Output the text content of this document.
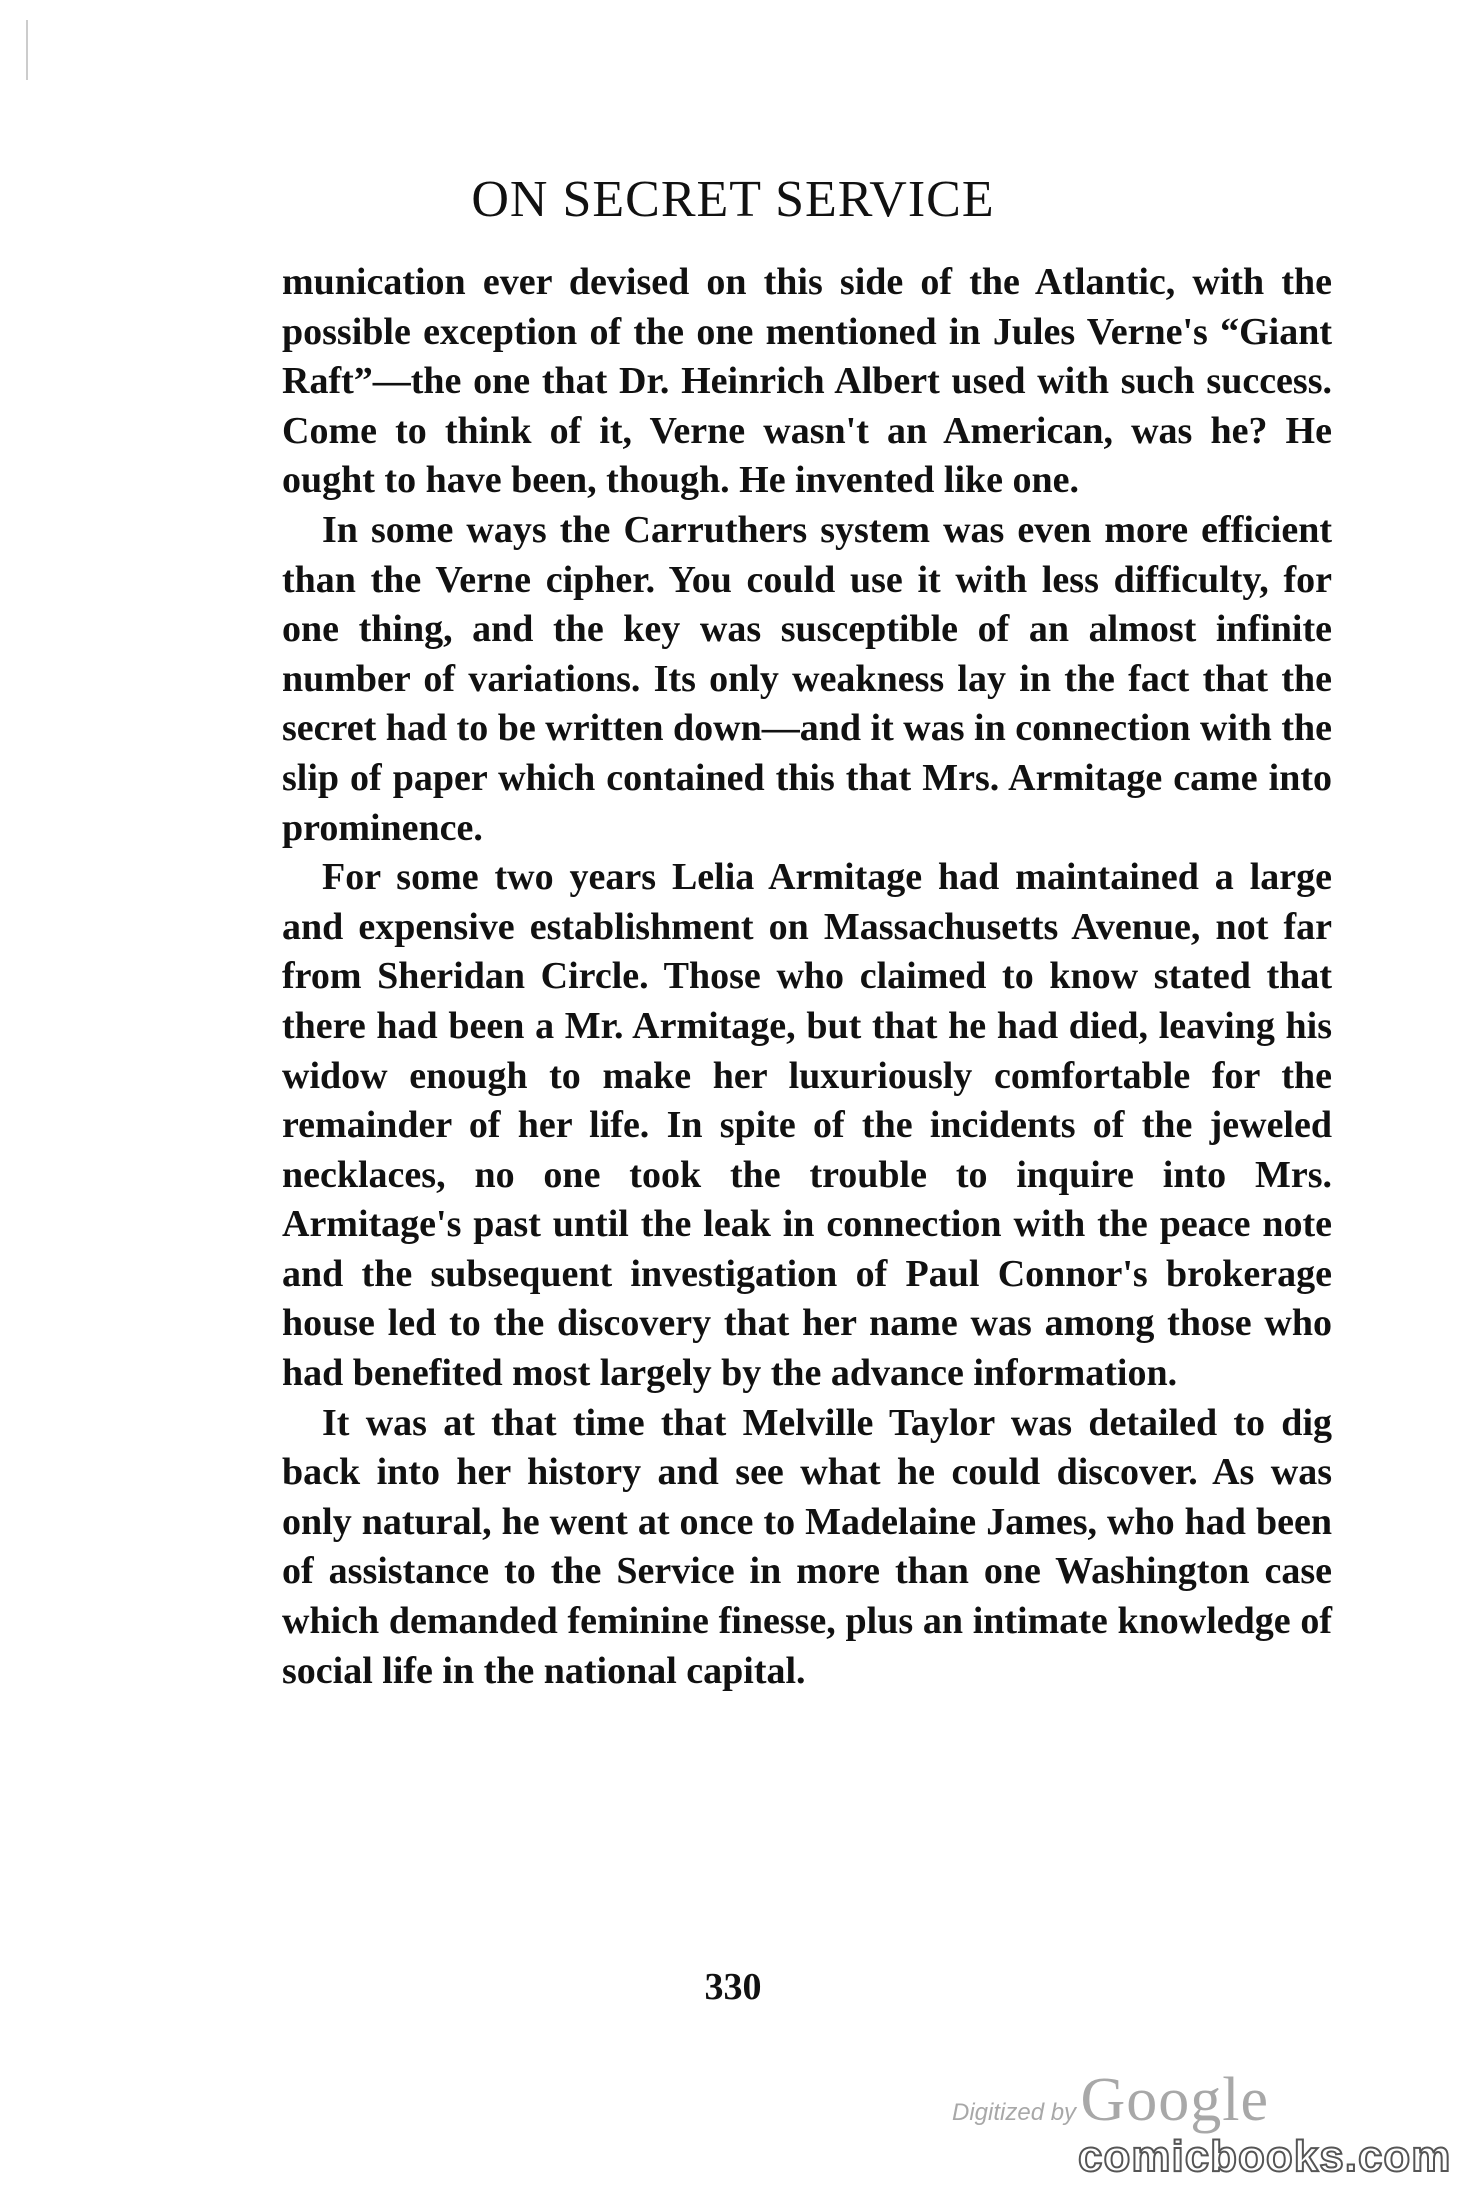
ON SECRET SERVICE

munication ever devised on this side of the Atlantic, with the possible exception of the one mentioned in Jules Verne's “Giant Raft”—the one that Dr. Heinrich Albert used with such success. Come to think of it, Verne wasn't an American, was he? He ought to have been, though. He invented like one.

In some ways the Carruthers system was even more efficient than the Verne cipher. You could use it with less difficulty, for one thing, and the key was susceptible of an almost infinite number of variations. Its only weakness lay in the fact that the secret had to be written down—and it was in connection with the slip of paper which contained this that Mrs. Armitage came into prominence.

For some two years Lelia Armitage had maintained a large and expensive establishment on Massachusetts Avenue, not far from Sheridan Circle. Those who claimed to know stated that there had been a Mr. Armitage, but that he had died, leaving his widow enough to make her luxuriously comfortable for the remainder of her life. In spite of the incidents of the jeweled necklaces, no one took the trouble to inquire into Mrs. Armitage's past until the leak in connection with the peace note and the subsequent investigation of Paul Connor's brokerage house led to the discovery that her name was among those who had benefited most largely by the advance information.

It was at that time that Melville Taylor was detailed to dig back into her history and see what he could discover. As was only natural, he went at once to Madelaine James, who had been of assistance to the Service in more than one Washington case which demanded feminine finesse, plus an intimate knowledge of social life in the national capital.

330
Digitized by Google
comicbooks.com
